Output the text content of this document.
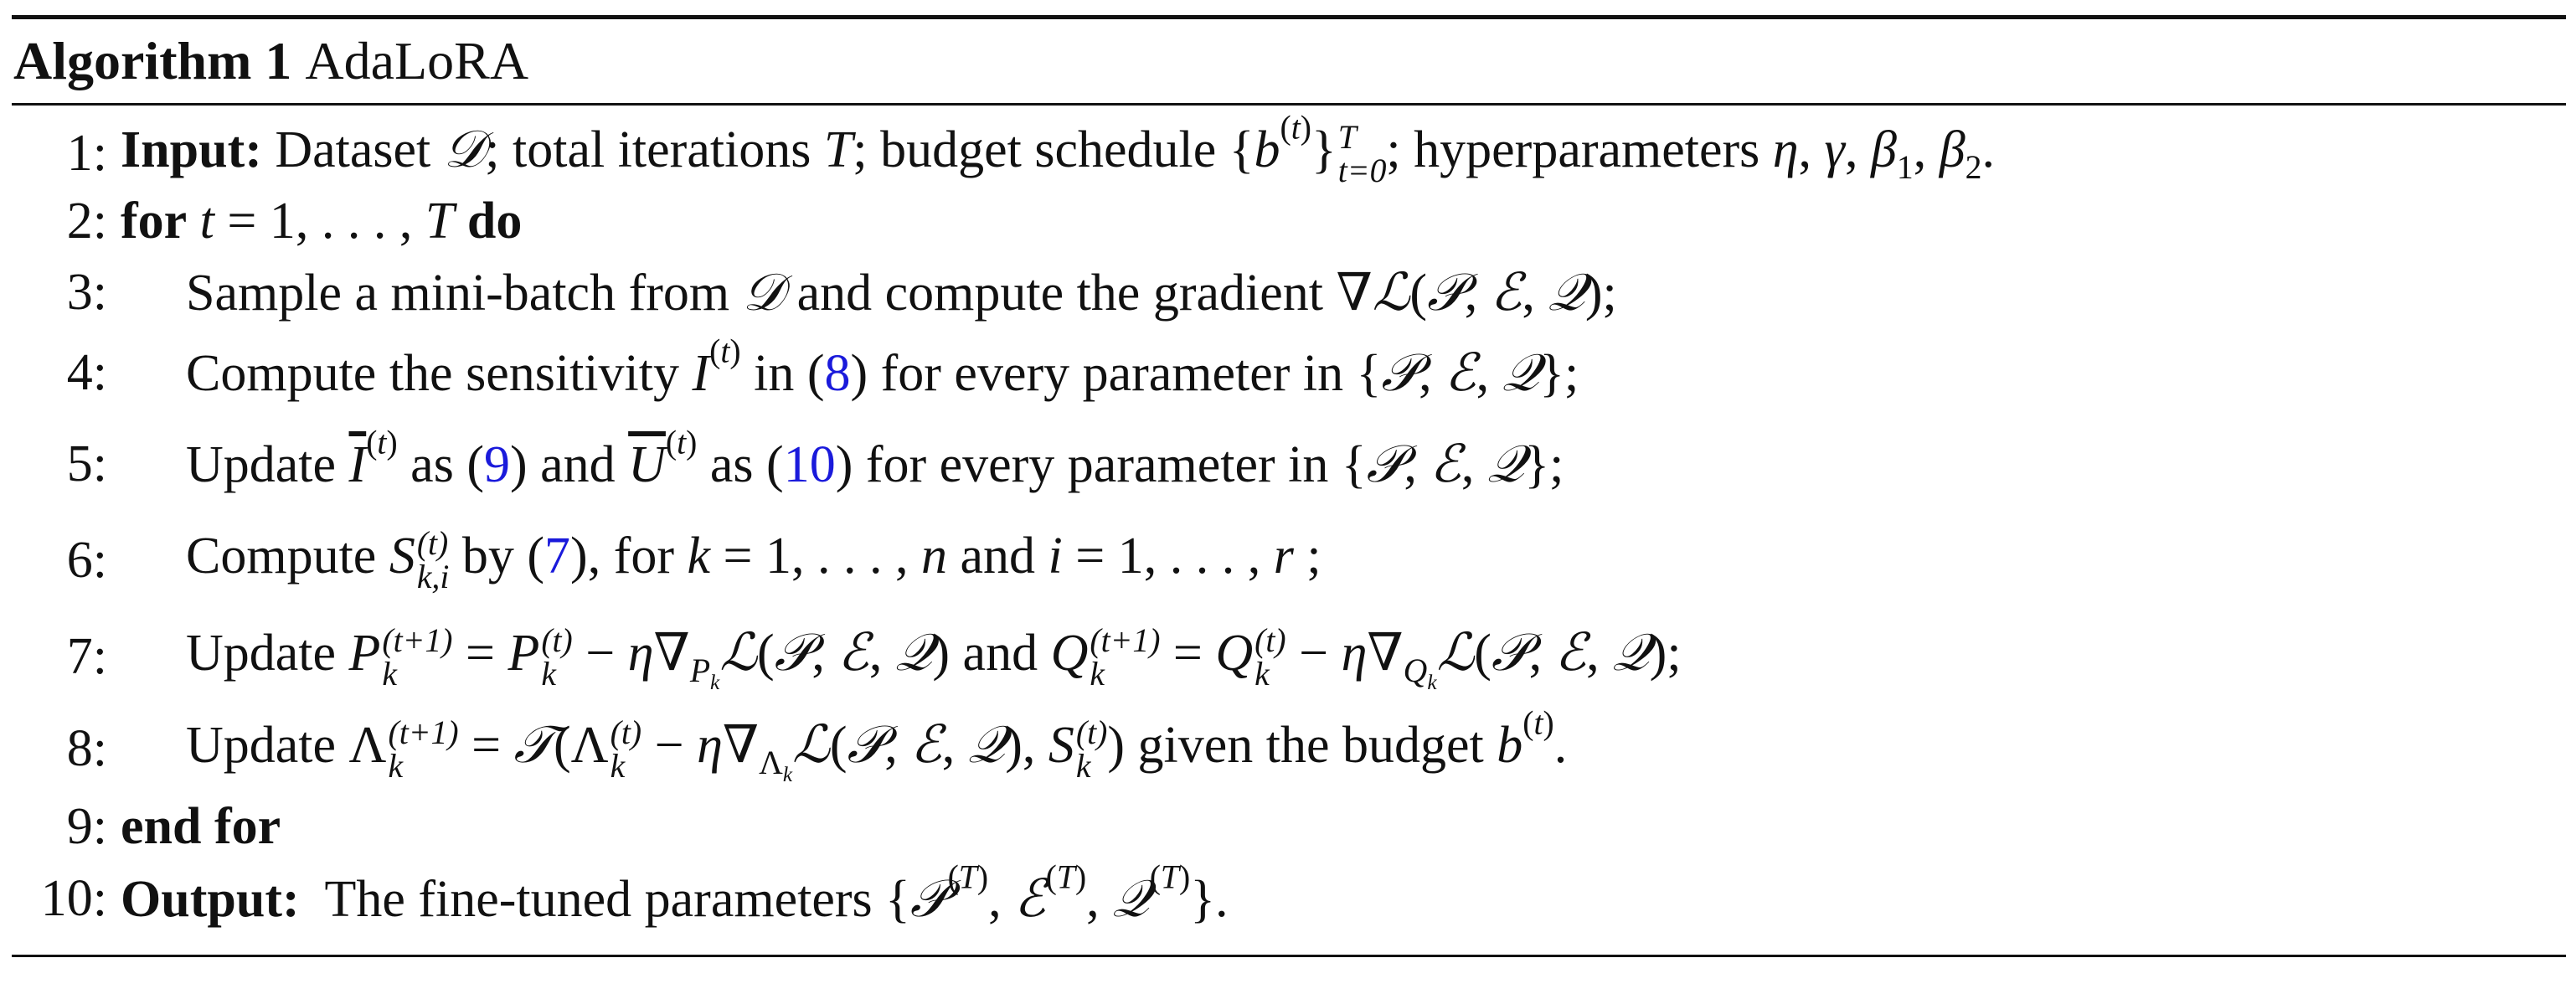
Algorithm 1 AdaLoRA
1: Input: Dataset 𝒟; total iterations T; budget schedule $\{b^{(t)}\}$ T
t=0 ; hyperparameters η, γ, $\beta_1$, $\beta_2$.
2: for t = 1, . . . , T do
3:	Sample a mini-batch from 𝒟 and compute the gradient ∇ℒ(𝒫, ℰ, 𝒬);
4:	Compute the sensitivity $I^{(t)}$ in (8) for every parameter in {𝒫, ℰ, 𝒬};
5:	Update $\overline{I}^{(t)}$ as (9) and $\overline{U}^{(t)}$ as (10) for every parameter in {𝒫, ℰ, 𝒬};
6:	Compute S (t)
k,i by (7), for k = 1, . . . , n and i = 1, . . . , r ;
7:	Update P (t+1)
k	= P (t)
$k - \eta\nabla_{P_k}ℒ(𝒫$, ℰ, 𝒬) and Q (t+1)
k	= Q (t)
$k - \eta\nabla_{Q_k}ℒ(𝒫$, ℰ, 𝒬);
8:	Update Λ (t+1)
k	= 𝒯(Λ (t)
$k - \eta\nabla_{\Lambda_k}ℒ(𝒫$, ℰ, 𝒬), S (t)
k ) given the budget $b^{(t)}$.
9: end for
10: Output:  The fine-tuned parameters {𝒫$^{(T)}$, ℰ$^{(T)}$, 𝒬$^{(T)}$}.
